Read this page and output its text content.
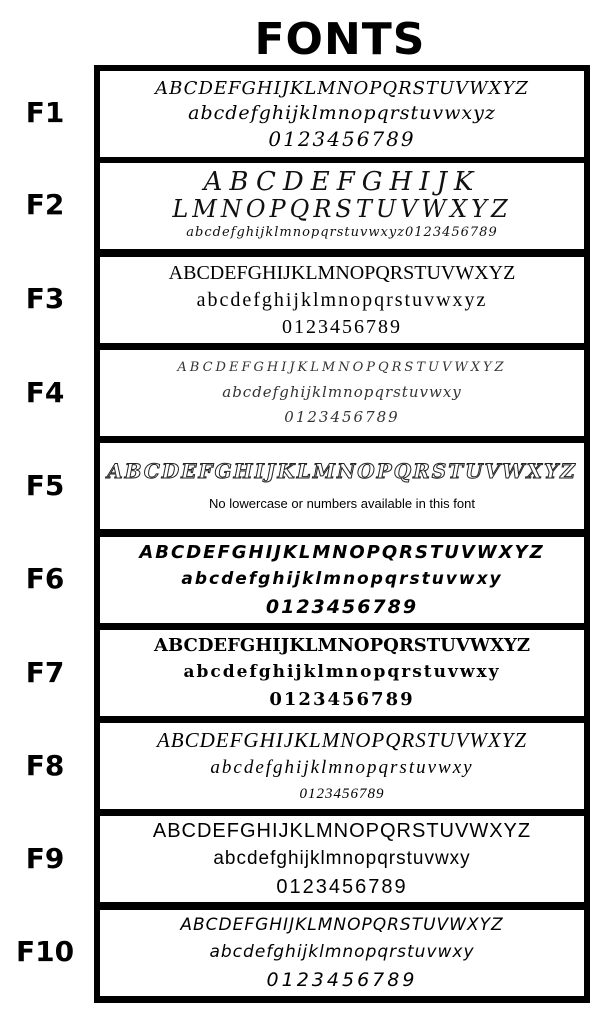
FONTS
ABCDEFGHIJKLMNOPQRSTUVWXYZ
abcdefghijklmnopqrstuvwxyz
0123456789
ABCDEFGHIJK
LMNOPQRSTUVWXYZ
abcdefghijklmnopqrstuvwxyz0123456789
ABCDEFGHIJKLMNOPQRSTUVWXYZ
abcdefghijklmnopqrstuvwxyz
0123456789
ABCDEFGHIJKLMNOPQRSTUVWXYZ
abcdefghijklmnopqrstuvwxy
0123456789
ABCDEFGHIJKLMNOPQRSTUVWXYZ
No lowercase or numbers available in this font
ABCDEFGHIJKLMNOPQRSTUVWXYZ
abcdefghijklmnopqrstuvwxy
0123456789
ABCDEFGHIJKLMNOPQRSTUVWXYZ
abcdefghijklmnopqrstuvwxy
0123456789
ABCDEFGHIJKLMNOPQRSTUVWXYZ
abcdefghijklmnopqrstuvwxy
0123456789
ABCDEFGHIJKLMNOPQRSTUVWXYZ
abcdefghijklmnopqrstuvwxy
0123456789
ABCDEFGHIJKLMNOPQRSTUVWXYZ
abcdefghijklmnopqrstuvwxy
0123456789
F1
F2
F3
F4
F5
F6
F7
F8
F9
F10
